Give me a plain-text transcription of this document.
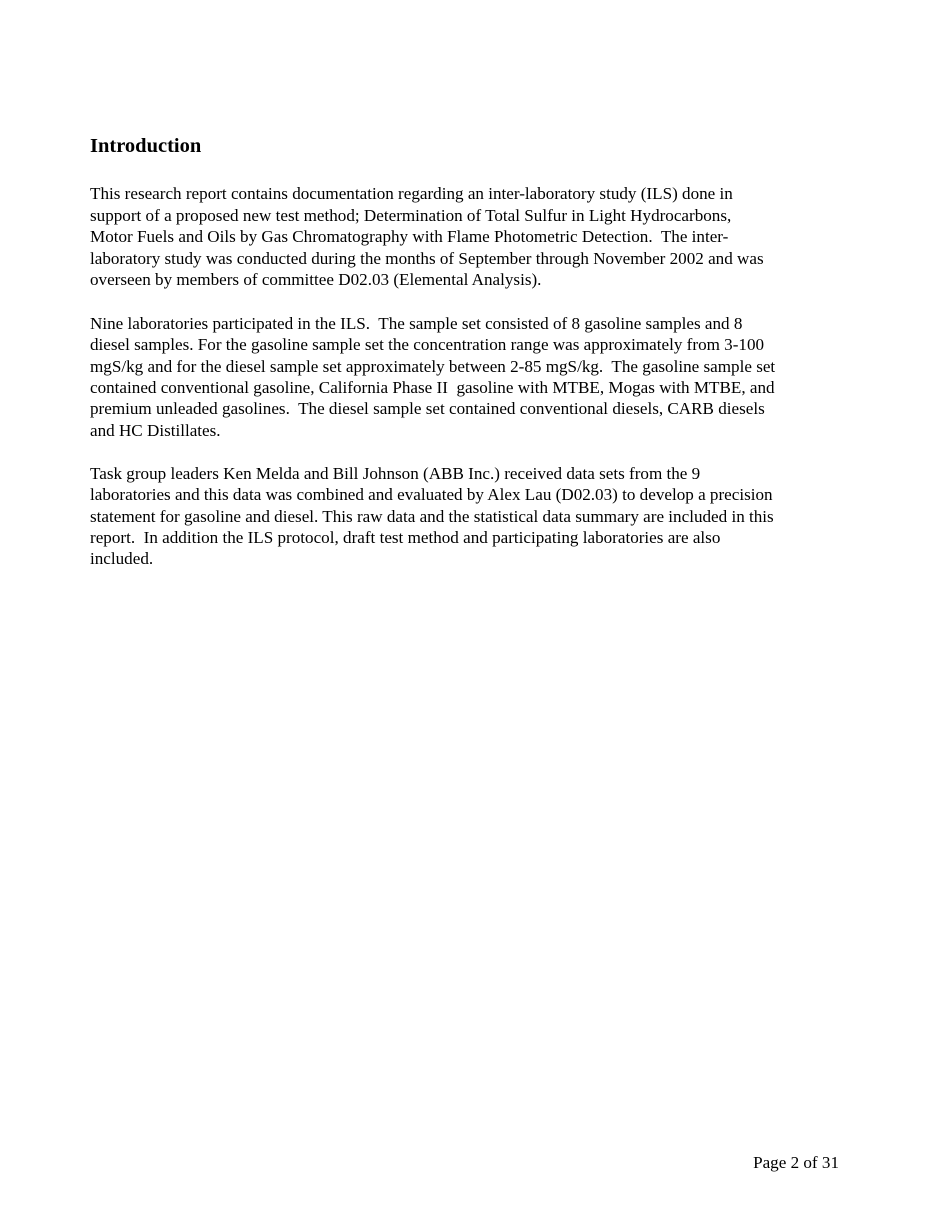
Introduction
This research report contains documentation regarding an inter-laboratory study (ILS) done in
support of a proposed new test method; Determination of Total Sulfur in Light Hydrocarbons,
Motor Fuels and Oils by Gas Chromatography with Flame Photometric Detection.  The inter-
laboratory study was conducted during the months of September through November 2002 and was
overseen by members of committee D02.03 (Elemental Analysis).
Nine laboratories participated in the ILS.  The sample set consisted of 8 gasoline samples and 8
diesel samples. For the gasoline sample set the concentration range was approximately from 3-100
mgS/kg and for the diesel sample set approximately between 2-85 mgS/kg.  The gasoline sample set
contained conventional gasoline, California Phase II  gasoline with MTBE, Mogas with MTBE, and
premium unleaded gasolines.  The diesel sample set contained conventional diesels, CARB diesels
and HC Distillates.
Task group leaders Ken Melda and Bill Johnson (ABB Inc.) received data sets from the 9
laboratories and this data was combined and evaluated by Alex Lau (D02.03) to develop a precision
statement for gasoline and diesel. This raw data and the statistical data summary are included in this
report.  In addition the ILS protocol, draft test method and participating laboratories are also
included.
Page 2 of 31
